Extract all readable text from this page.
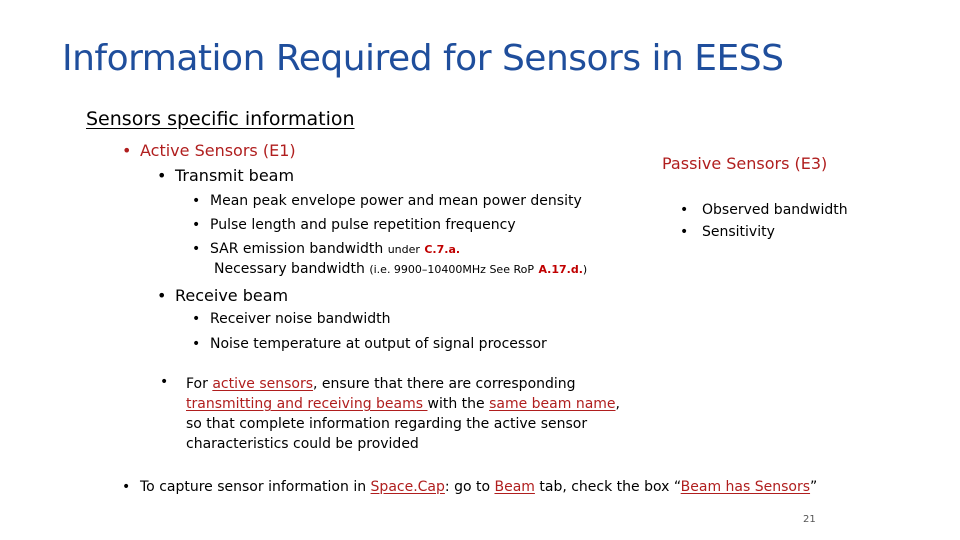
Information Required for Sensors in EESS
Sensors specific information
• Active Sensors (E1)
• Transmit beam
• Mean peak envelope power and mean power density
• Pulse length and pulse repetition frequency
• SAR emission bandwidth under C.7.a.
Necessary bandwidth (i.e. 9900–10400MHz See RoP A.17.d.)
• Receive beam
• Receiver noise bandwidth
• Noise temperature at output of signal processor
Passive Sensors (E3)
• Observed bandwidth
• Sensitivity
• For active sensors, ensure that there are corresponding
transmitting and receiving beams with the same beam name,
so that complete information regarding the active sensor
characteristics could be provided
• To capture sensor information in Space.Cap: go to Beam tab, check the box “Beam has Sensors”
21
